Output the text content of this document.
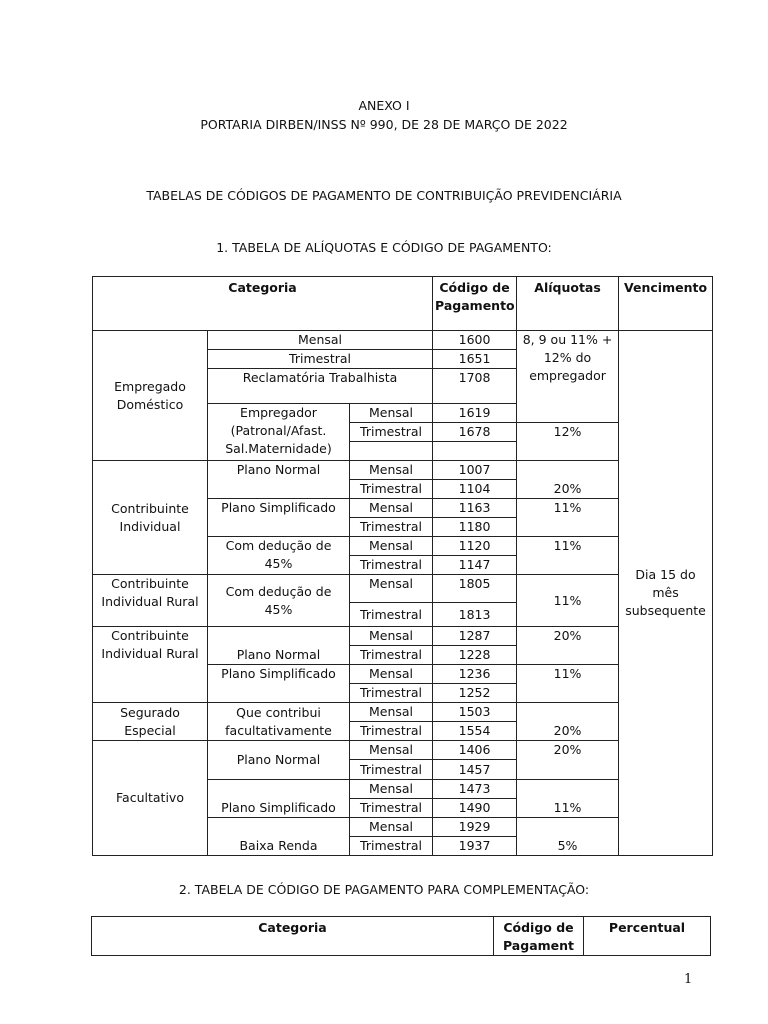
ANEXO I
PORTARIA DIRBEN/INSS Nº 990, DE 28 DE MARÇO DE 2022
TABELAS DE CÓDIGOS DE PAGAMENTO DE CONTRIBUIÇÃO PREVIDENCIÁRIA
1. TABELA DE ALÍQUOTAS E CÓDIGO DE PAGAMENTO:
Categoria			Código de Pagamento	Alíquotas	Vencimento
Empregado Doméstico	Mensal		1600	8, 9 ou 11% + 12% do empregador	Dia 15 do mês subsequente
	Trimestral		1651		
	Reclamatória Trabalhista		1708		
	Empregador (Patronal/Afast. Sal.Maternidade)	Mensal	1619		
		Trimestral	1678	12%	

Contribuinte Individual	Plano Normal	Mensal	1007	20%	
		Trimestral	1104		
	Plano Simplificado	Mensal	1163	11%	
		Trimestral	1180		
	Com dedução de 45%	Mensal	1120	11%	
		Trimestral	1147		
Contribuinte Individual Rural	Com dedução de 45%	Mensal	1805	11%	
		Trimestral	1813		
Contribuinte Individual Rural	Plano Normal	Mensal	1287	20%	
		Trimestral	1228		
	Plano Simplificado	Mensal	1236	11%	
		Trimestral	1252		
Segurado Especial	Que contribui facultativamente	Mensal	1503	20%	
		Trimestral	1554		
Facultativo	Plano Normal	Mensal	1406	20%	
		Trimestral	1457		
	Plano Simplificado	Mensal	1473	11%	
		Trimestral	1490		
	Baixa Renda	Mensal	1929	5%	
		Trimestral	1937		
2. TABELA DE CÓDIGO DE PAGAMENTO PARA COMPLEMENTAÇÃO:
Categoria	Código de Pagament	Percentual
1
